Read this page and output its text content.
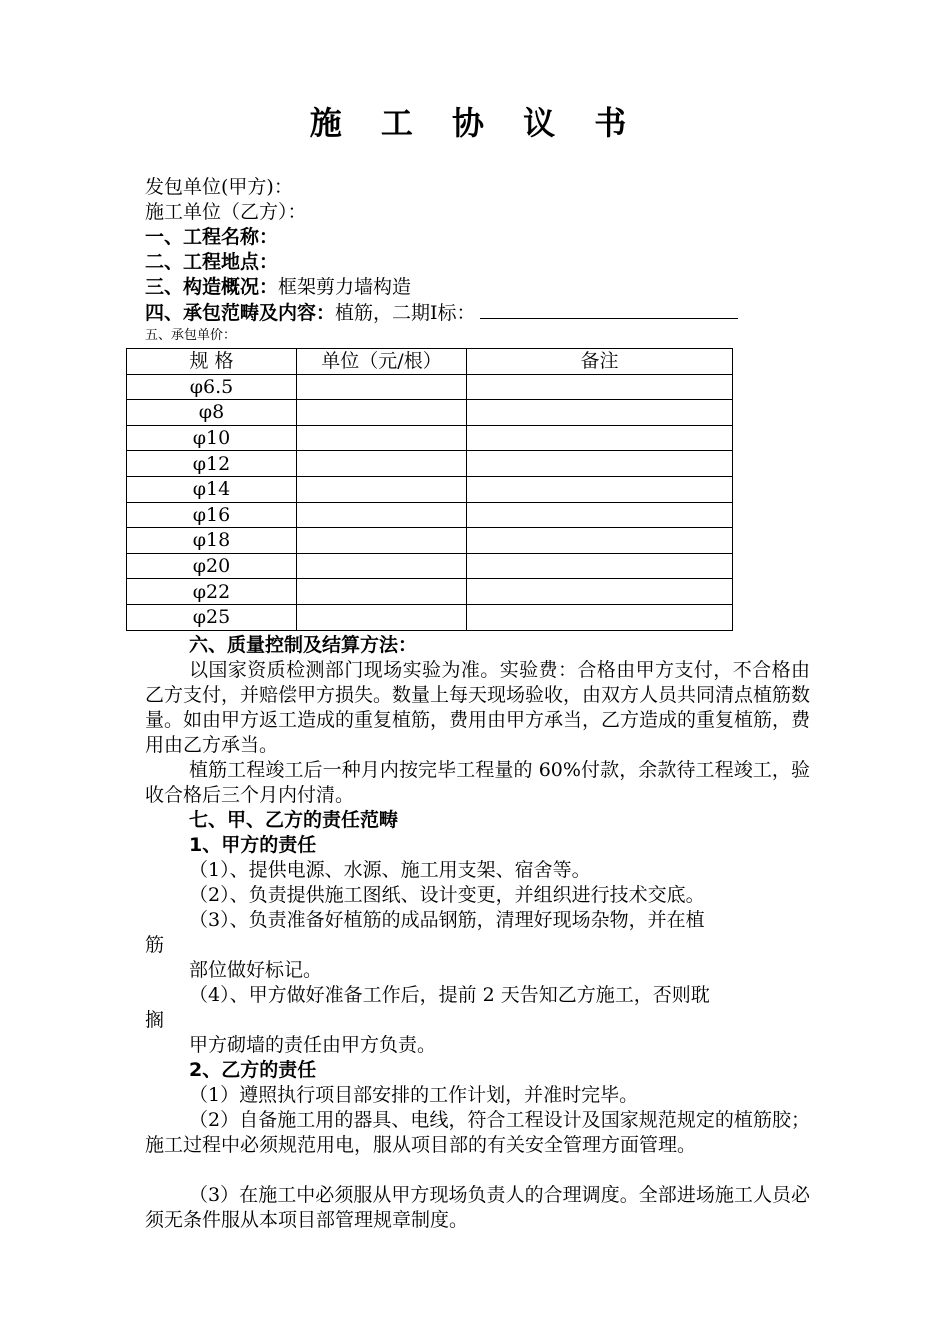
施 工 协 议 书
发包单位(甲方)：
施工单位（乙方）：
一、工程名称：
二、工程地点：
三、构造概况：框架剪力墙构造
四、承包范畴及内容：植筋，二期Ⅰ标：
五、承包单价：
规 格	单位（元/根）	备注
φ6.5		
φ8		
φ10		
φ12		
φ14		
φ16		
φ18		
φ20		
φ22		
φ25		
六、质量控制及结算方法：
以国家资质检测部门现场实验为准。实验费：合格由甲方支付，不合格由乙方支付，并赔偿甲方损失。数量上每天现场验收，由双方人员共同清点植筋数量。如由甲方返工造成的重复植筋，费用由甲方承当，乙方造成的重复植筋，费用由乙方承当。
植筋工程竣工后一种月内按完毕工程量的 60%付款，余款待工程竣工，验收合格后三个月内付清。
七、甲、乙方的责任范畴
1、甲方的责任
（1）、提供电源、水源、施工用支架、宿舍等。
（2）、负责提供施工图纸、设计变更，并组织进行技术交底。
（3）、负责准备好植筋的成品钢筋，清理好现场杂物，并在植
筋
部位做好标记。
（4）、甲方做好准备工作后，提前 2 天告知乙方施工，否则耽
搁
甲方砌墙的责任由甲方负责。
2、乙方的责任
（1）遵照执行项目部安排的工作计划，并准时完毕。
（2）自备施工用的器具、电线，符合工程设计及国家规范规定的植筋胶；施工过程中必须规范用电，服从项目部的有关安全管理方面管理。
（3）在施工中必须服从甲方现场负责人的合理调度。全部进场施工人员必须无条件服从本项目部管理规章制度。
